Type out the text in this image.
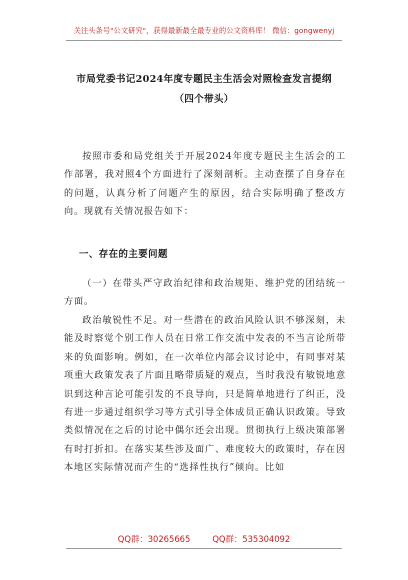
关注头条号"公文研究"，获得最新最全最专业的公文资料库！ 微信：gongwenyj
市局党委书记2024年度专题民主生活会对照检查发言提纲
（四个带头）
按照市委和局党组关于开展2024年度专题民主生活会的工作部署，我对照4个方面进行了深刻剖析。主动查摆了自身存在的问题，认真分析了问题产生的原因，结合实际明确了整改方向。现就有关情况报告如下：
一、存在的主要问题
（一）在带头严守政治纪律和政治规矩、维护党的团结统一方面。
政治敏锐性不足。对一些潜在的政治风险认识不够深刻，未能及时察觉个别工作人员在日常工作交流中发表的不当言论所带来的负面影响。例如，在一次单位内部会议讨论中，有同事对某项重大政策发表了片面且略带质疑的观点，当时我没有敏锐地意识到这种言论可能引发的不良导向，只是简单地进行了纠正，没有进一步通过组织学习等方式引导全体成员正确认识政策。导致类似情况在之后的讨论中偶尔还会出现。贯彻执行上级决策部署有时打折扣。在落实某些涉及面广、难度较大的政策时，存在因本地区实际情况而产生的“选择性执行”倾向。比如
QQ群：30265665	QQ群：535304092
